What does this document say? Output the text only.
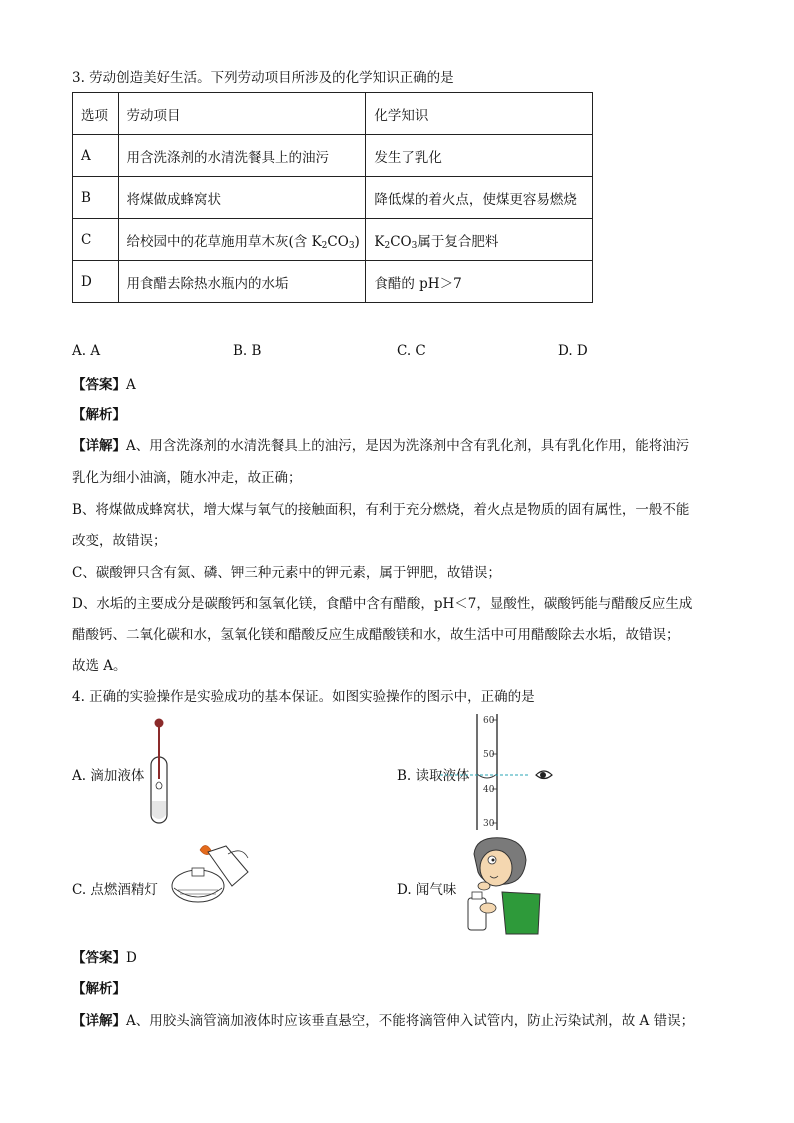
3. 劳动创造美好生活。下列劳动项目所涉及的化学知识正确的是
选项	劳动项目	化学知识
A	用含洗涤剂的水清洗餐具上的油污	发生了乳化
B	将煤做成蜂窝状	降低煤的着火点，使煤更容易燃烧
C	给校园中的花草施用草木灰(含 $K_2CO_3$)	$K_2CO_3$属于复合肥料
D	用食醋去除热水瓶内的水垢	食醋的 pH＞7
A. A	B. B	C. C	D. D
【答案】A
【解析】
【详解】A、用含洗涤剂的水清洗餐具上的油污，是因为洗涤剂中含有乳化剂，具有乳化作用，能将油污
乳化为细小油滴，随水冲走，故正确；
B、将煤做成蜂窝状，增大煤与氧气的接触面积，有利于充分燃烧，着火点是物质的固有属性，一般不能
改变，故错误；
C、碳酸钾只含有氮、磷、钾三种元素中的钾元素，属于钾肥，故错误；
D、水垢的主要成分是碳酸钙和氢氧化镁，食醋中含有醋酸，pH＜7，显酸性，碳酸钙能与醋酸反应生成
醋酸钙、二氧化碳和水，氢氧化镁和醋酸反应生成醋酸镁和水，故生活中可用醋酸除去水垢，故错误；
故选 A。
4. 正确的实验操作是实验成功的基本保证。如图实验操作的图示中，正确的是
A. 滴加液体	B. 读取液体
60
50
40
30
C. 点燃酒精灯	D. 闻气味
【答案】D
【解析】
【详解】A、用胶头滴管滴加液体时应该垂直悬空，不能将滴管伸入试管内，防止污染试剂，故 A 错误；
